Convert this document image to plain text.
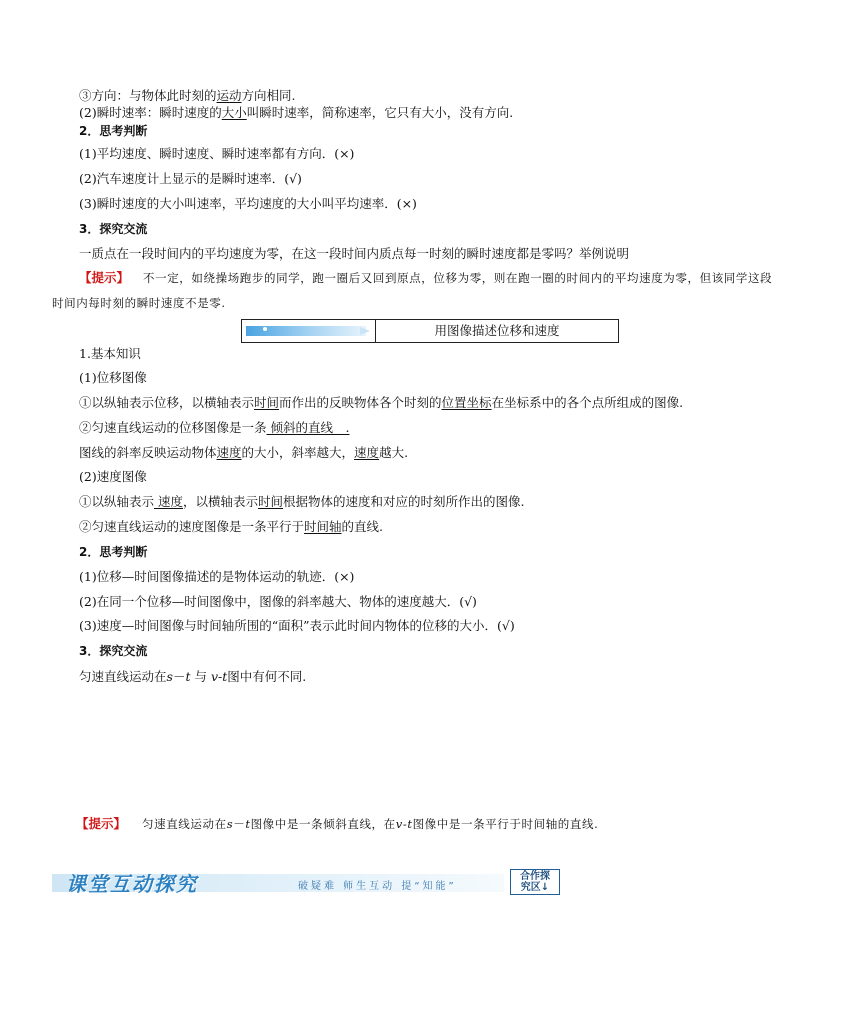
③方向：与物体此时刻的运动方向相同.
(2)瞬时速率：瞬时速度的大小叫瞬时速率，简称速率，它只有大小，没有方向.
2．思考判断
(1)平均速度、瞬时速度、瞬时速率都有方向．(×)
(2)汽车速度计上显示的是瞬时速率．(√)
(3)瞬时速度的大小叫速率，平均速度的大小叫平均速率．(×)
3．探究交流
一质点在一段时间内的平均速度为零，在这一段时间内质点每一时刻的瞬时速度都是零吗？举例说明
【提示】 不一定，如绕操场跑步的同学，跑一圈后又回到原点，位移为零，则在跑一圈的时间内的平均速度为零，但该同学这段
时间内每时刻的瞬时速度不是零.
用图像描述位移和速度
1.基本知识
(1)位移图像
①以纵轴表示位移，以横轴表示时间而作出的反映物体各个时刻的位置坐标在坐标系中的各个点所组成的图像.
②匀速直线运动的位移图像是一条 倾斜的直线　.
图线的斜率反映运动物体速度的大小，斜率越大，速度越大.
(2)速度图像
①以纵轴表示 速度，以横轴表示时间根据物体的速度和对应的时刻所作出的图像.
②匀速直线运动的速度图像是一条平行于时间轴的直线.
2．思考判断
(1)位移—时间图像描述的是物体运动的轨迹．(×)
(2)在同一个位移—时间图像中，图像的斜率越大、物体的速度越大．(√)
(3)速度—时间图像与时间轴所围的“面积”表示此时间内物体的位移的大小．(√)
3．探究交流
匀速直线运动在s－t 与 v-t图中有何不同.
【提示】 匀速直线运动在s－t图像中是一条倾斜直线，在v-t图像中是一条平行于时间轴的直线.
课堂互动探究	破疑难 师生互动 提“知能”
合作探
究区↓
